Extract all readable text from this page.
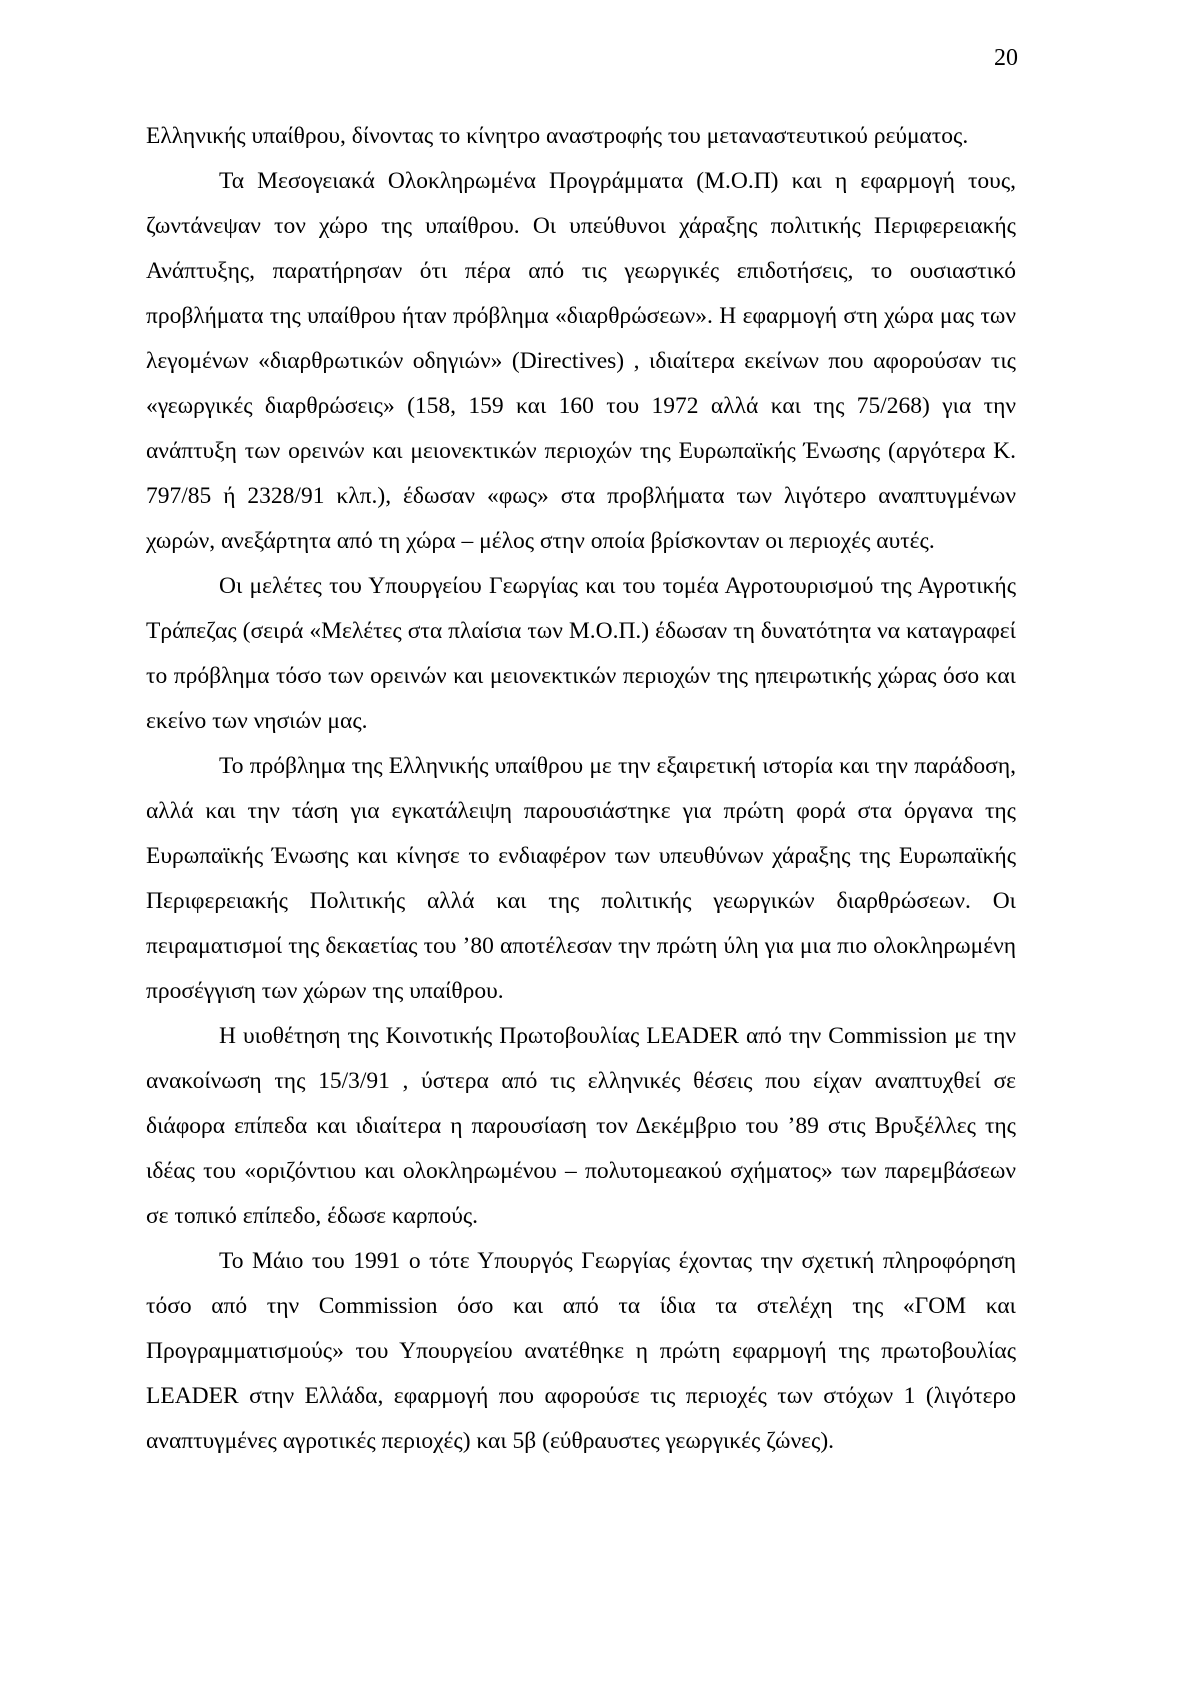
20

Ελληνικής υπαίθρου, δίνοντας το κίνητρο αναστροφής του μεταναστευτικού ρεύματος.

Τα Μεσογειακά Ολοκληρωμένα Προγράμματα (Μ.Ο.Π) και η εφαρμογή τους, ζωντάνεψαν τον χώρο της υπαίθρου. Οι υπεύθυνοι χάραξης πολιτικής Περιφερειακής Ανάπτυξης, παρατήρησαν ότι πέρα από τις γεωργικές επιδοτήσεις, το ουσιαστικό προβλήματα της υπαίθρου ήταν πρόβλημα «διαρθρώσεων». Η εφαρμογή στη χώρα μας των λεγομένων «διαρθρωτικών οδηγιών» (Directives) , ιδιαίτερα εκείνων που αφορούσαν τις «γεωργικές διαρθρώσεις» (158, 159 και 160 του 1972 αλλά και της 75/268) για την ανάπτυξη των ορεινών και μειονεκτικών περιοχών της Ευρωπαϊκής Ένωσης (αργότερα Κ. 797/85 ή 2328/91 κλπ.), έδωσαν «φως» στα προβλήματα των λιγότερο αναπτυγμένων χωρών, ανεξάρτητα από τη χώρα – μέλος στην οποία βρίσκονταν οι περιοχές αυτές.

Οι μελέτες του Υπουργείου Γεωργίας και του τομέα Αγροτουρισμού της Αγροτικής Τράπεζας (σειρά «Μελέτες στα πλαίσια των Μ.Ο.Π.) έδωσαν τη δυνατότητα να καταγραφεί το πρόβλημα τόσο των ορεινών και μειονεκτικών περιοχών της ηπειρωτικής χώρας όσο και εκείνο των νησιών μας.

Το πρόβλημα της Ελληνικής υπαίθρου με την εξαιρετική ιστορία και την παράδοση, αλλά και την τάση για εγκατάλειψη παρουσιάστηκε για πρώτη φορά στα όργανα της Ευρωπαϊκής Ένωσης και κίνησε το ενδιαφέρον των υπευθύνων χάραξης της Ευρωπαϊκής Περιφερειακής Πολιτικής αλλά και της πολιτικής γεωργικών διαρθρώσεων. Οι πειραματισμοί της δεκαετίας του ’80 αποτέλεσαν την πρώτη ύλη για μια πιο ολοκληρωμένη προσέγγιση των χώρων της υπαίθρου.

Η υιοθέτηση της Κοινοτικής Πρωτοβουλίας LEADER από την Commission με την ανακοίνωση της 15/3/91 , ύστερα από τις ελληνικές θέσεις που είχαν αναπτυχθεί σε διάφορα επίπεδα και ιδιαίτερα η παρουσίαση τον Δεκέμβριο του ’89 στις Βρυξέλλες της ιδέας του «οριζόντιου και ολοκληρωμένου – πολυτομεακού σχήματος» των παρεμβάσεων σε τοπικό επίπεδο, έδωσε καρπούς.

Το Μάιο του 1991 ο τότε Υπουργός Γεωργίας έχοντας την σχετική πληροφόρηση τόσο από την Commission όσο και από τα ίδια τα στελέχη της «ΓΟΜ και Προγραμματισμούς» του Υπουργείου ανατέθηκε η πρώτη εφαρμογή της πρωτοβουλίας LEADER στην Ελλάδα, εφαρμογή που αφορούσε τις περιοχές των στόχων 1 (λιγότερο αναπτυγμένες αγροτικές περιοχές) και 5β (εύθραυστες γεωργικές ζώνες).
